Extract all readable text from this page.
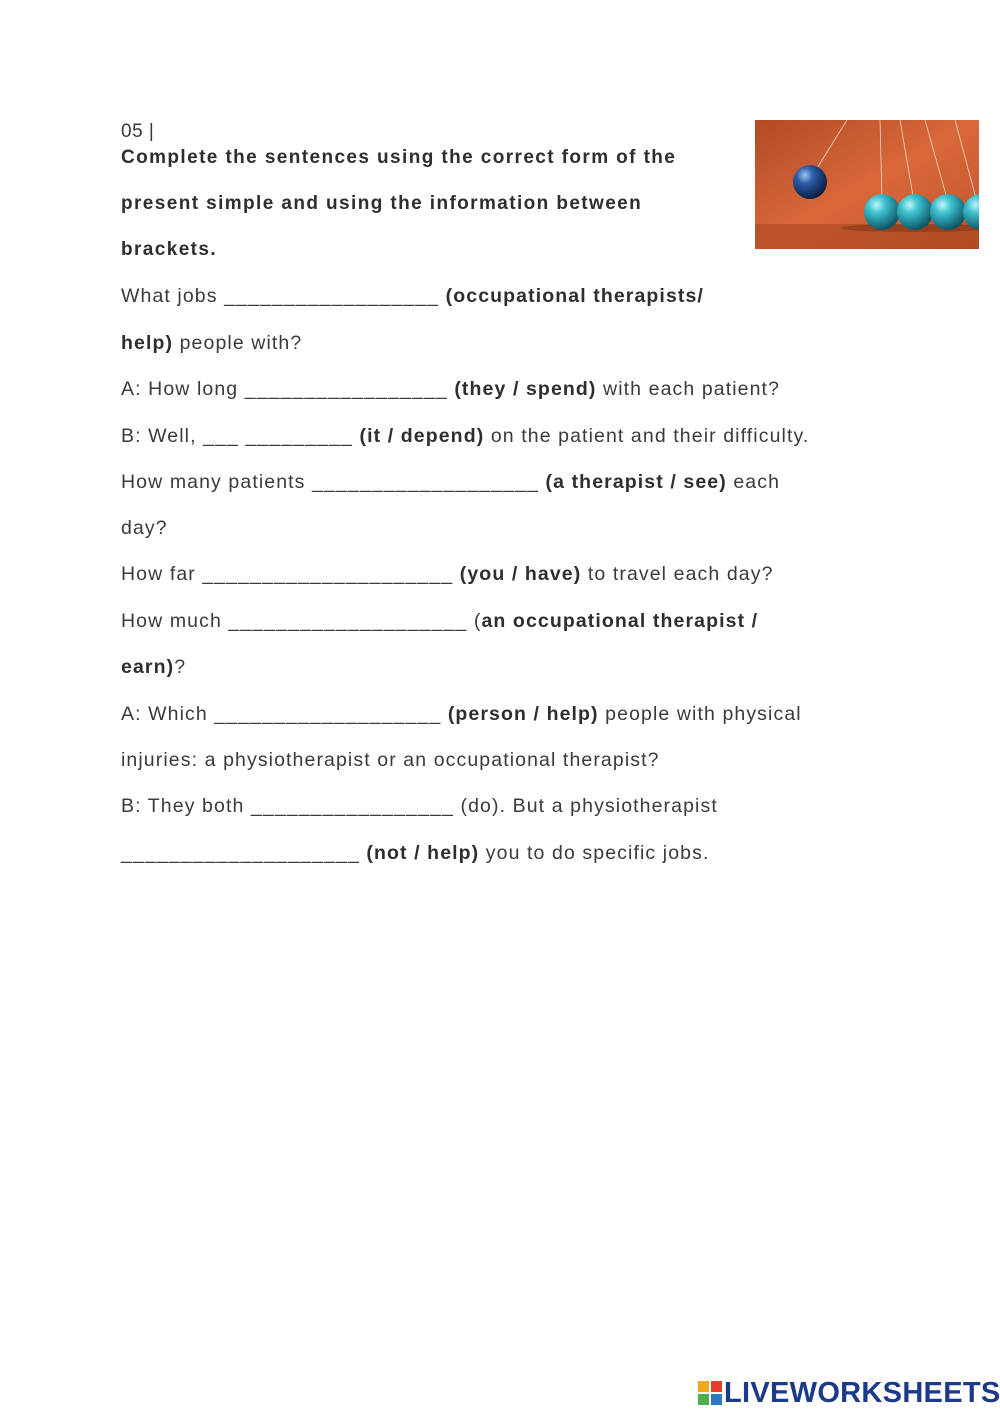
05 |
Complete the sentences using the correct form of the
present simple and using the information between
brackets.
What jobs __________________ (occupational therapists/
help) people with?
A: How long _________________ (they / spend) with each patient?
B: Well, ___ _________ (it / depend) on the patient and their difficulty.
How many patients ___________________ (a therapist / see) each
day?
How far _____________________ (you / have) to travel each day?
How much ____________________ (an occupational therapist /
earn)?
A: Which ___________________ (person / help) people with physical
injuries: a physiotherapist or an occupational therapist?
B: They both _________________ (do). But a physiotherapist
____________________ (not / help) you to do specific jobs.
LIVEWORKSHEETS
